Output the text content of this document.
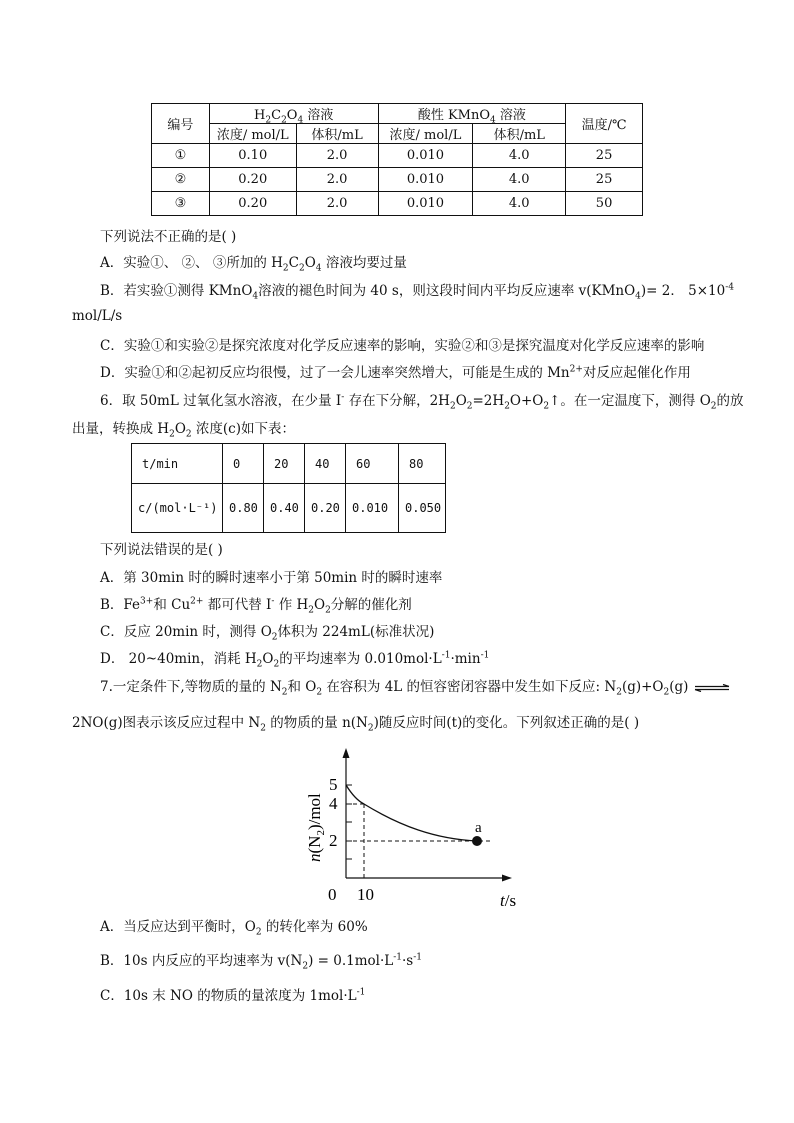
编号	$H_2C_2O_4$ 溶液		酸性 KMnO$_4$ 溶液		温度/℃
	浓度/ mol/L	体积/mL	浓度/ mol/L	体积/mL	
①	0.10	2.0	0.010	4.0	25
②	0.20	2.0	0.010	4.0	25
③	0.20	2.0	0.010	4.0	50
下列说法不正确的是( )
A．实验①、 ②、 ③所加的 $H_2C_2O_4$ 溶液均要过量
B．若实验①测得 KMnO$_4$溶液的褪色时间为 40 s，则这段时间内平均反应速率 v(KMnO$_4$)= 2． $5\times 10^{-4}$
mol/L/s
C．实验①和实验②是探究浓度对化学反应速率的影响，实验②和③是探究温度对化学反应速率的影响
D．实验①和②起初反应均很慢，过了一会儿速率突然增大，可能是生成的 $Mn^{2+}$对反应起催化作用
6．取 50mL 过氧化氢水溶液，在少量 I- 存在下分解，$2H_2O_2=2H_2O+O_2↑$。在一定温度下，测得 $O_2$的放
出量，转换成 $H_2O_2$ 浓度(c)如下表：
t/min	0	20	40	60	80
c/(mol·L⁻¹)	0.80	0.40	0.20	0.010	0.050
下列说法错误的是( )
A．第 30min 时的瞬时速率小于第 50min 时的瞬时速率
B．$Fe^{3+}$和 $Cu^{2+}$ 都可代替 I- 作 $H_2O_2$分解的催化剂
C．反应 20min 时，测得 $O_2$体积为 224mL(标准状况)
D． 20~40min，消耗 $H_2O_2$的平均速率为 $0.010mol\cdot L^{-1}\cdot\min^{-1}$
7.一定条件下,等物质的量的 $N_2$和 $O_2$ 在容积为 4L 的恒容密闭容器中发生如下反应: $N_2(g)+O_2(g)$ ⇌
2NO(g)图表示该反应过程中 $N_2$ 的物质的量 $n(N_2)$随反应时间(t)的变化。下列叙述正确的是( )
a
5
4
2
0 10	t/s
$n(N_2)$/mol
A．当反应达到平衡时，$O_2$ 的转化率为 60%
B．10s 内反应的平均速率为 $v(N_2) = 0.1mol\cdot L^{-1}\cdot s^{-1}$
C．10s 末 NO 的物质的量浓度为 $1mol\cdot L^{-1}$
